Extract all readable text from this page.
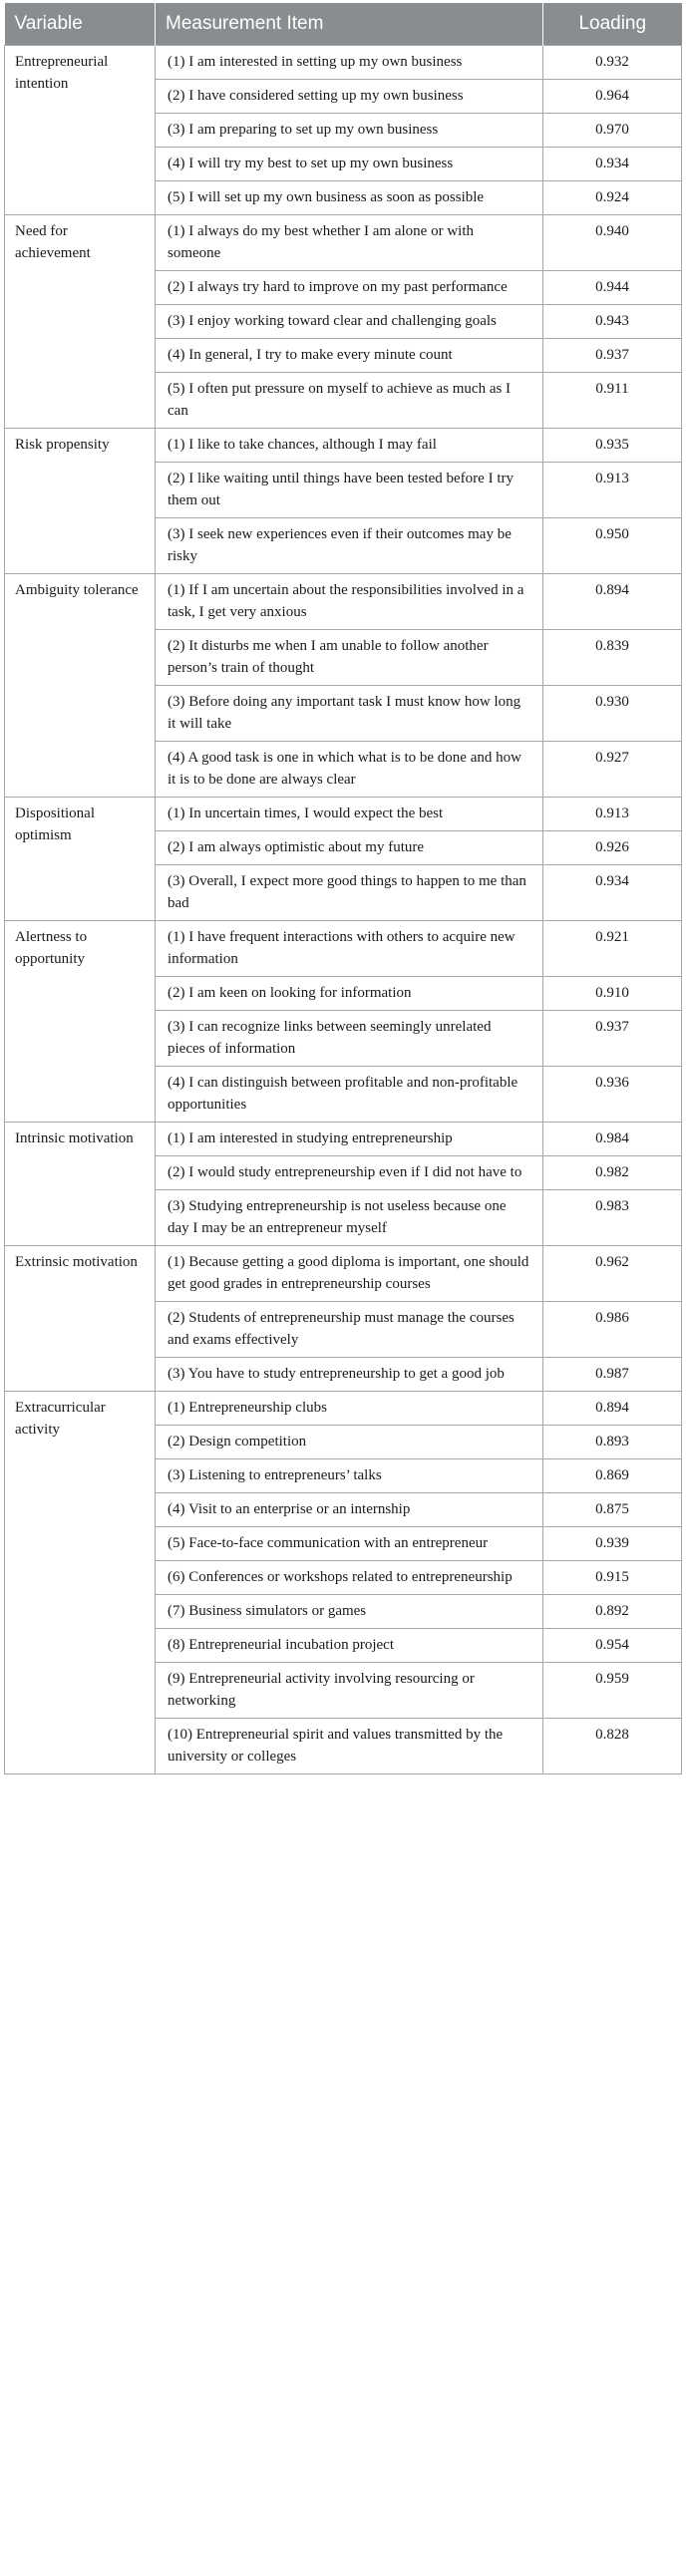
Variable	Measurement Item	Loading
Entrepreneurial intention	(1) I am interested in setting up my own business	0.932
	(2) I have considered setting up my own business	0.964
	(3) I am preparing to set up my own business	0.970
	(4) I will try my best to set up my own business	0.934
	(5) I will set up my own business as soon as possible	0.924
Need for achievement	(1) I always do my best whether I am alone or with someone	0.940
	(2) I always try hard to improve on my past performance	0.944
	(3) I enjoy working toward clear and challenging goals	0.943
	(4) In general, I try to make every minute count	0.937
	(5) I often put pressure on myself to achieve as much as I can	0.911
Risk propensity	(1) I like to take chances, although I may fail	0.935
	(2) I like waiting until things have been tested before I try them out	0.913
	(3) I seek new experiences even if their outcomes may be risky	0.950
Ambiguity tolerance	(1) If I am uncertain about the responsibilities involved in a task, I get very anxious	0.894
	(2) It disturbs me when I am unable to follow another person’s train of thought	0.839
	(3) Before doing any important task I must know how long it will take	0.930
	(4) A good task is one in which what is to be done and how it is to be done are always clear	0.927
Dispositional optimism	(1) In uncertain times, I would expect the best	0.913
	(2) I am always optimistic about my future	0.926
	(3) Overall, I expect more good things to happen to me than bad	0.934
Alertness to opportunity	(1) I have frequent interactions with others to acquire new information	0.921
	(2) I am keen on looking for information	0.910
	(3) I can recognize links between seemingly unrelated pieces of information	0.937
	(4) I can distinguish between profitable and non-profitable opportunities	0.936
Intrinsic motivation	(1) I am interested in studying entrepreneurship	0.984
	(2) I would study entrepreneurship even if I did not have to	0.982
	(3) Studying entrepreneurship is not useless because one day I may be an entrepreneur myself	0.983
Extrinsic motivation	(1) Because getting a good diploma is important, one should get good grades in entrepreneurship courses	0.962
	(2) Students of entrepreneurship must manage the courses and exams effectively	0.986
	(3) You have to study entrepreneurship to get a good job	0.987
Extracurricular activity	(1) Entrepreneurship clubs	0.894
	(2) Design competition	0.893
	(3) Listening to entrepreneurs’ talks	0.869
	(4) Visit to an enterprise or an internship	0.875
	(5) Face-to-face communication with an entrepreneur	0.939
	(6) Conferences or workshops related to entrepreneurship	0.915
	(7) Business simulators or games	0.892
	(8) Entrepreneurial incubation project	0.954
	(9) Entrepreneurial activity involving resourcing or networking	0.959
	(10) Entrepreneurial spirit and values transmitted by the university or colleges	0.828
